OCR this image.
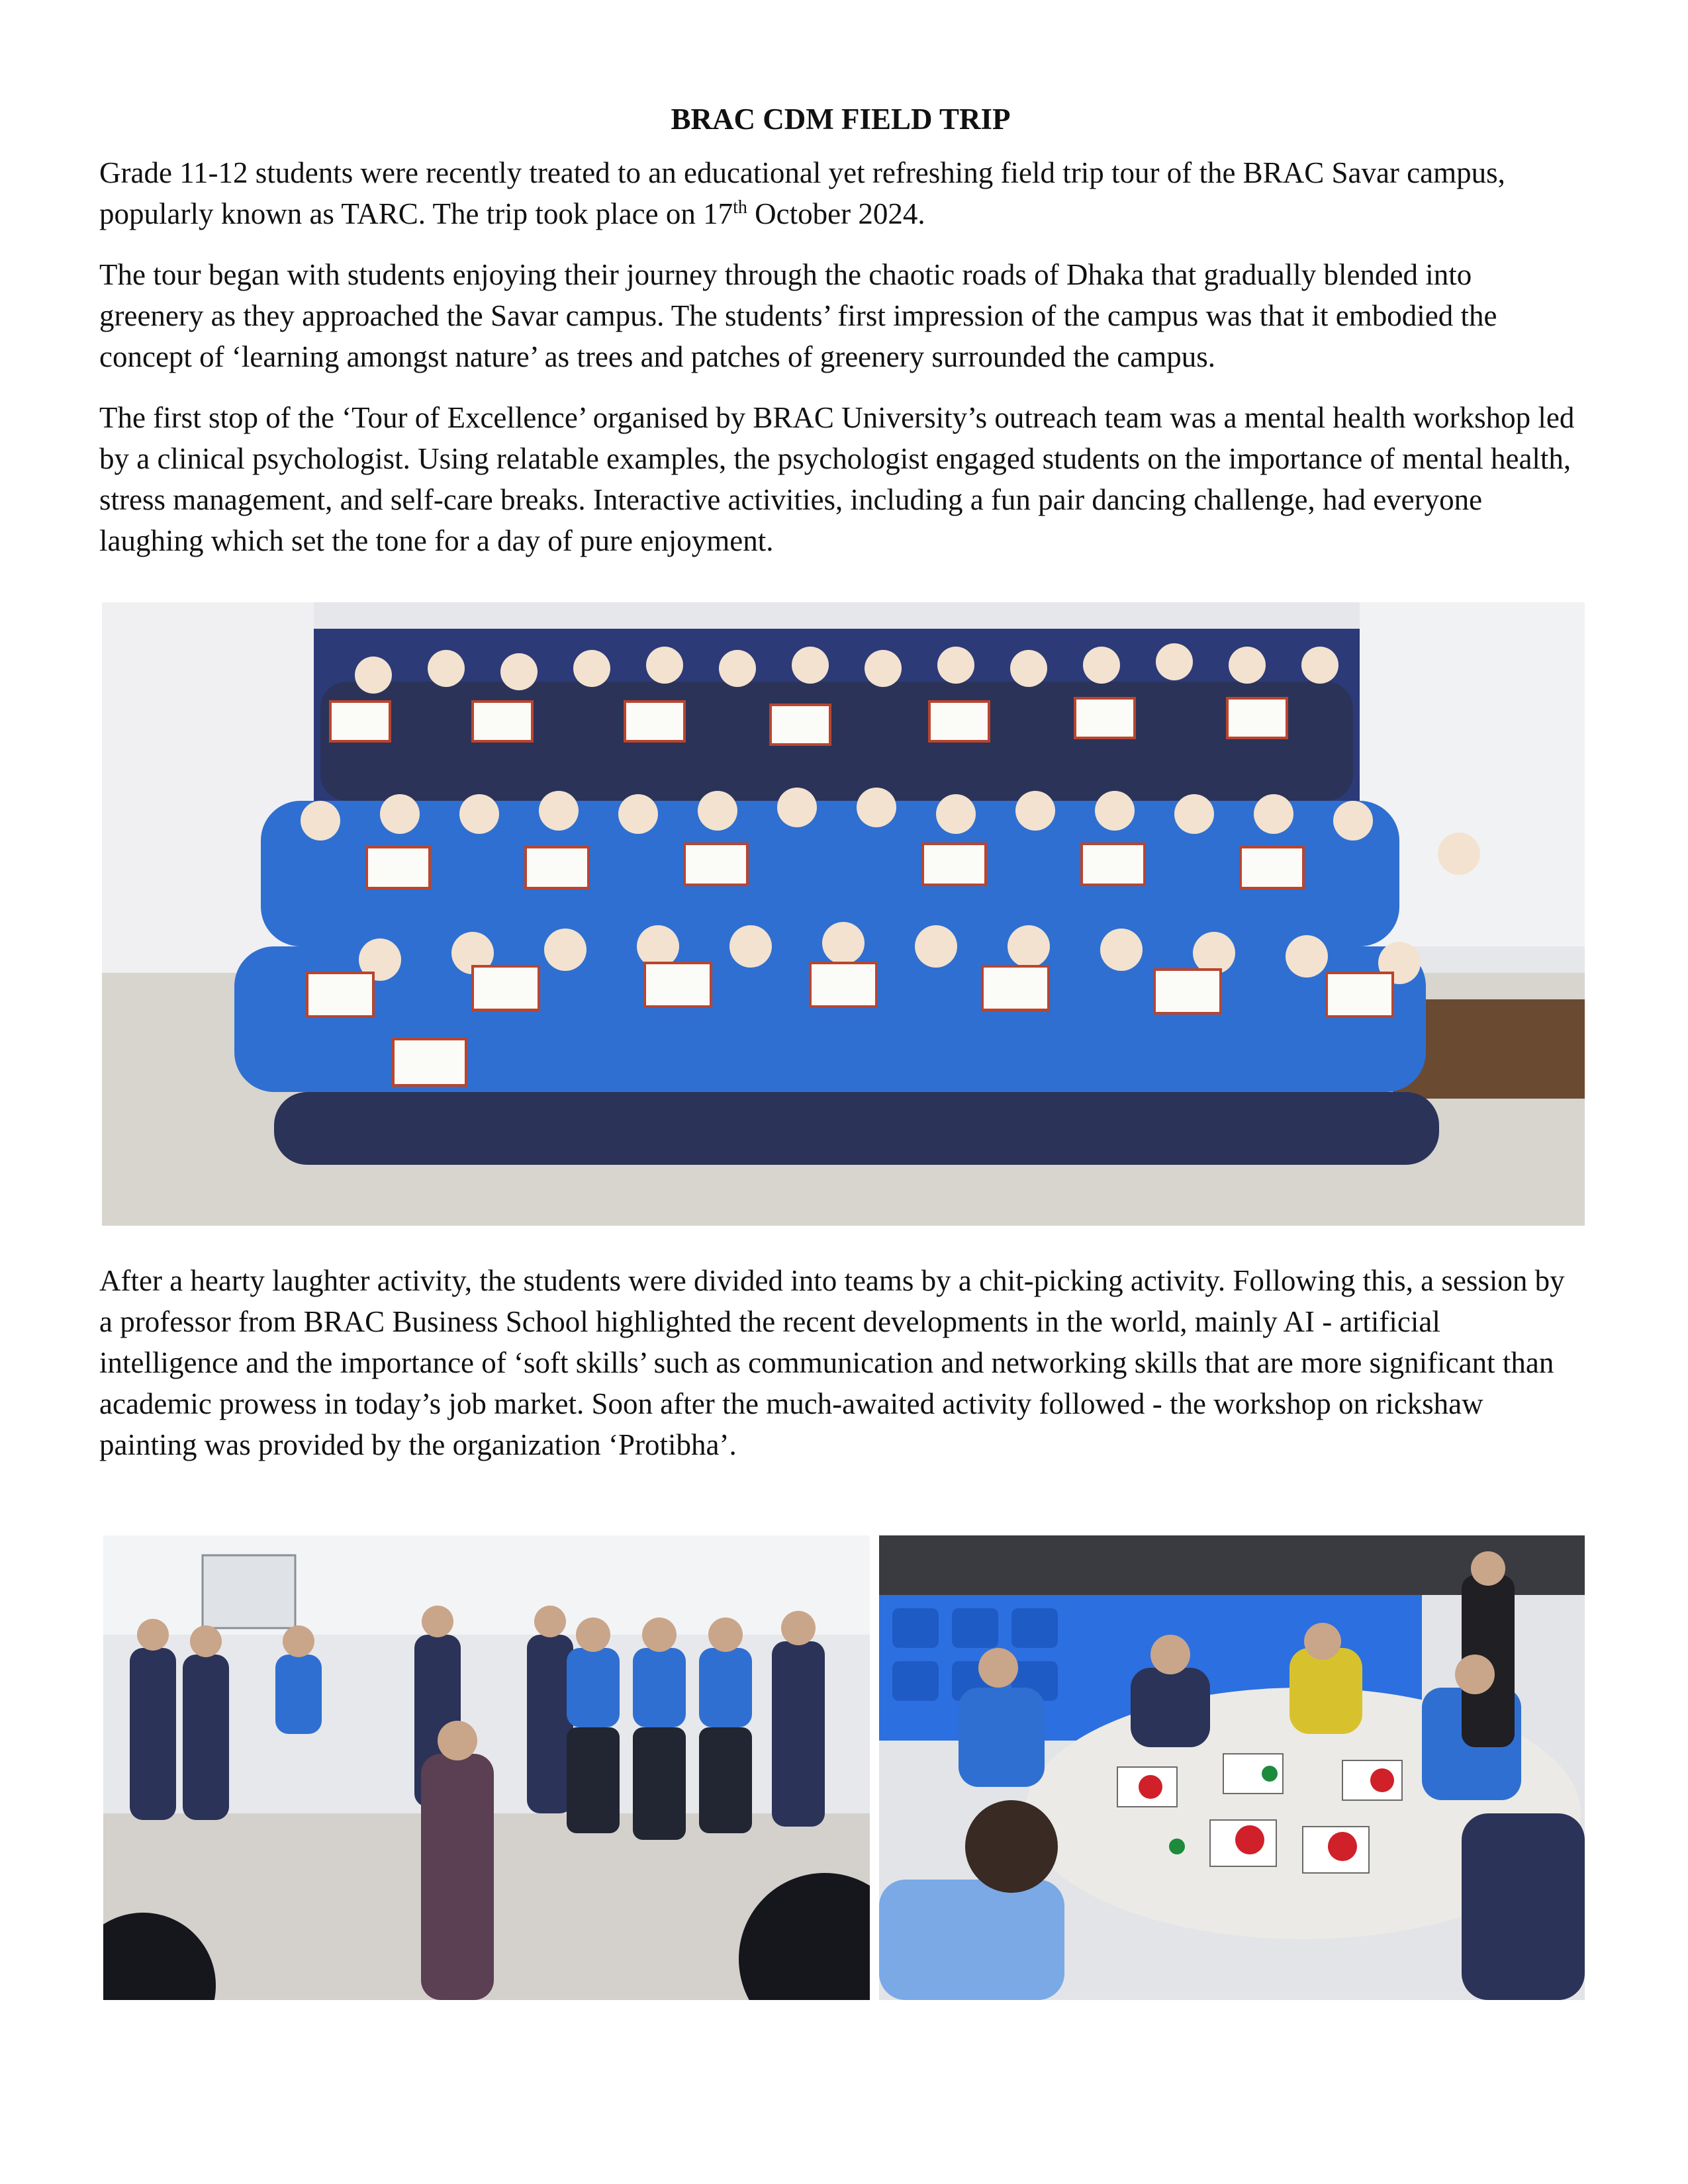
BRAC CDM FIELD TRIP

Grade 11-12 students were recently treated to an educational yet refreshing field trip tour of the BRAC Savar campus, popularly known as TARC. The trip took place on 17th October 2024.

The tour began with students enjoying their journey through the chaotic roads of Dhaka that gradually blended into greenery as they approached the Savar campus. The students’ first impression of the campus was that it embodied the concept of ‘learning amongst nature’ as trees and patches of greenery surrounded the campus.

The first stop of the ‘Tour of Excellence’ organised by BRAC University’s outreach team was a mental health workshop led by a clinical psychologist. Using relatable examples, the psychologist engaged students on the importance of mental health, stress management, and self-care breaks. Interactive activities, including a fun pair dancing challenge, had everyone laughing which set the tone for a day of pure enjoyment.

After a hearty laughter activity, the students were divided into teams by a chit-picking activity. Following this, a session by a professor from BRAC Business School highlighted the recent developments in the world, mainly AI - artificial intelligence and the importance of ‘soft skills’ such as communication and networking skills that are more significant than academic prowess in today’s job market. Soon after the much-awaited activity followed - the workshop on rickshaw painting was provided by the organization ‘Protibha’.
